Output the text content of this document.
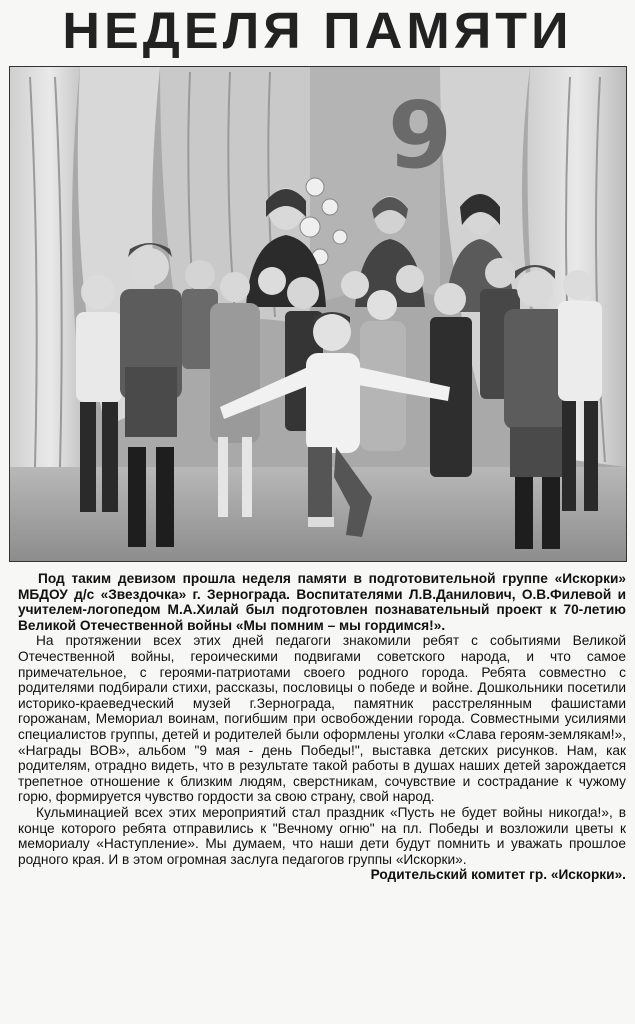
НЕДЕЛЯ ПАМЯТИ
9

Под таким девизом прошла неделя памяти в подготовительной группе «Искорки» МБДОУ д/с «Звездочка» г. Зернограда. Воспитателями Л.В.Данилович, О.В.Филевой и учителем-логопедом М.А.Хилай был подготовлен познавательный проект к 70-летию Великой Отечественной войны «Мы помним – мы гордимся!».

На протяжении всех этих дней педагоги знакомили ребят с событиями Великой Отечественной войны, героическими подвигами советского народа, и что самое примечательное, с героями-патриотами своего родного города. Ребята совместно с родителями подбирали стихи, рассказы, пословицы о победе и войне. Дошкольники посетили историко-краеведческий музей г.Зернограда, памятник расстрелянным фашистами горожанам, Мемориал воинам, погибшим при освобождении города. Совместными усилиями специалистов группы, детей и родителей были оформлены уголки «Слава героям-землякам!», «Награды ВОВ», альбом "9 мая - день Победы!", выставка детских рисунков. Нам, как родителям, отрадно видеть, что в результате такой работы в душах наших детей зарождается трепетное отношение к близким людям, сверстникам, сочувствие и сострадание к чужому горю, формируется чувство гордости за свою страну, свой народ.

Кульминацией всех этих мероприятий стал праздник «Пусть не будет войны никогда!», в конце которого ребята отправились к "Вечному огню" на пл. Победы и возложили цветы к мемориалу «Наступление». Мы думаем, что наши дети будут помнить и уважать прошлое родного края. И в этом огромная заслуга педагогов группы «Искорки».

Родительский комитет гр. «Искорки».
